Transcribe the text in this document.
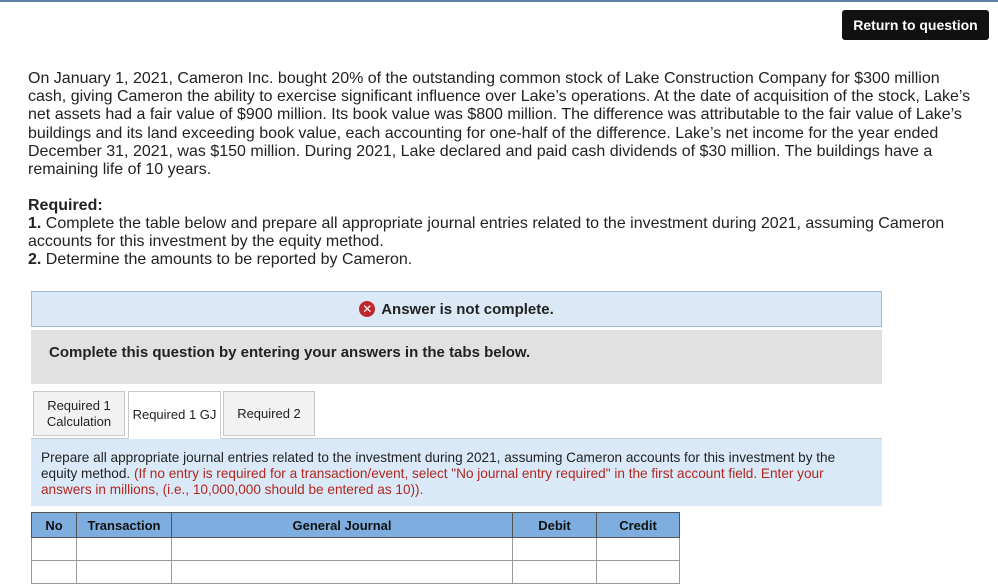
Return to question

On January 1, 2021, Cameron Inc. bought 20% of the outstanding common stock of Lake Construction Company for $300 million cash, giving Cameron the ability to exercise significant influence over Lake’s operations. At the date of acquisition of the stock, Lake’s net assets had a fair value of $900 million. Its book value was $800 million. The difference was attributable to the fair value of Lake’s buildings and its land exceeding book value, each accounting for one-half of the difference. Lake’s net income for the year ended December 31, 2021, was $150 million. During 2021, Lake declared and paid cash dividends of $30 million. The buildings have a remaining life of 10 years.

Required:

1. Complete the table below and prepare all appropriate journal entries related to the investment during 2021, assuming Cameron accounts for this investment by the equity method.

2. Determine the amounts to be reported by Cameron.

✕ Answer is not complete.
Complete this question by entering your answers in the tabs below.
Required 1
Calculation Required 1 GJ Required 2
Prepare all appropriate journal entries related to the investment during 2021, assuming Cameron accounts for this investment by the equity method. (If no entry is required for a transaction/event, select "No journal entry required" in the first account field. Enter your answers in millions, (i.e., 10,000,000 should be entered as 10)).
No	Transaction	General Journal	Debit	Credit
